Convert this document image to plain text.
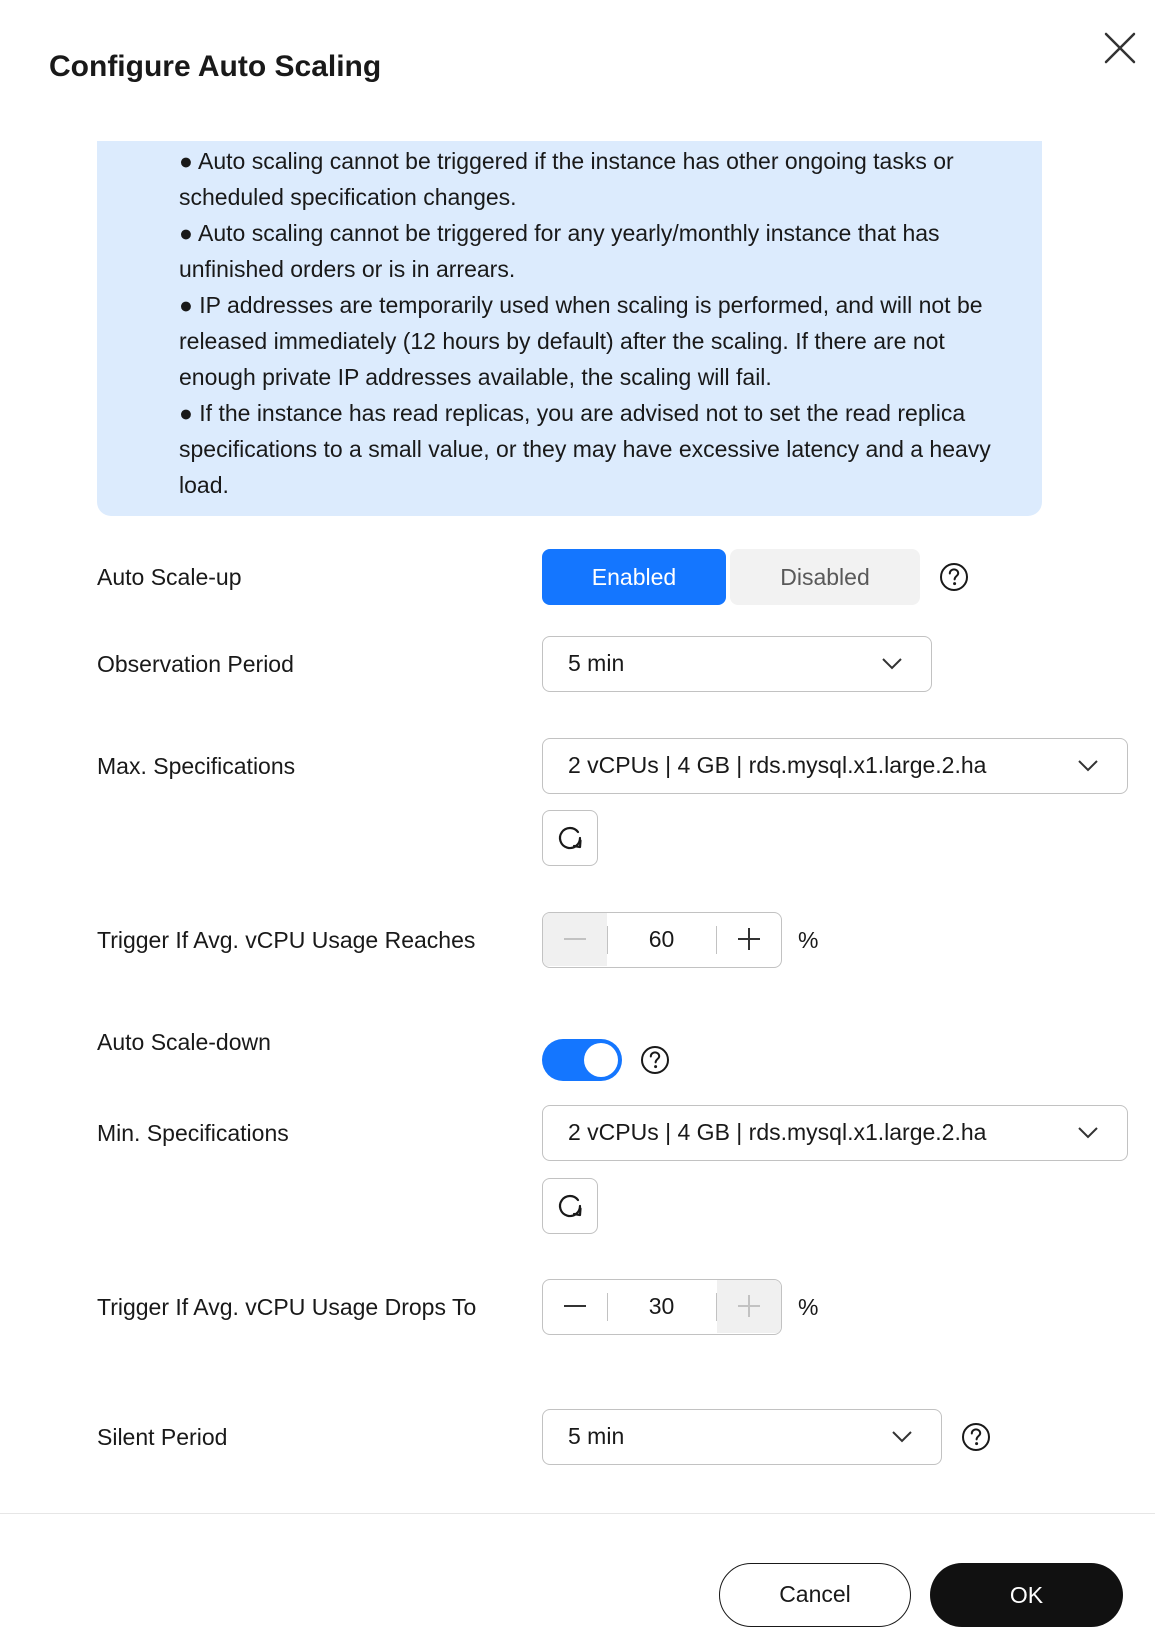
Configure Auto Scaling

● Auto scaling cannot be triggered if the instance has other ongoing tasks or scheduled specification changes.

● Auto scaling cannot be triggered for any yearly/monthly instance that has unfinished orders or is in arrears.

● IP addresses are temporarily used when scaling is performed, and will not be released immediately (12 hours by default) after the scaling. If there are not enough private IP addresses available, the scaling will fail.

● If the instance has read replicas, you are advised not to set the read replica specifications to a small value, or they may have excessive latency and a heavy load.

Auto Scale-up	Enabled	Disabled
Observation Period	5 min
Max. Specifications	2 vCPUs | 4 GB | rds.mysql.x1.large.2.ha
Trigger If Avg. vCPU Usage Reaches	60	%
Auto Scale-down
Min. Specifications	2 vCPUs | 4 GB | rds.mysql.x1.large.2.ha
Trigger If Avg. vCPU Usage Drops To	30	%
Silent Period	5 min
Cancel	OK
